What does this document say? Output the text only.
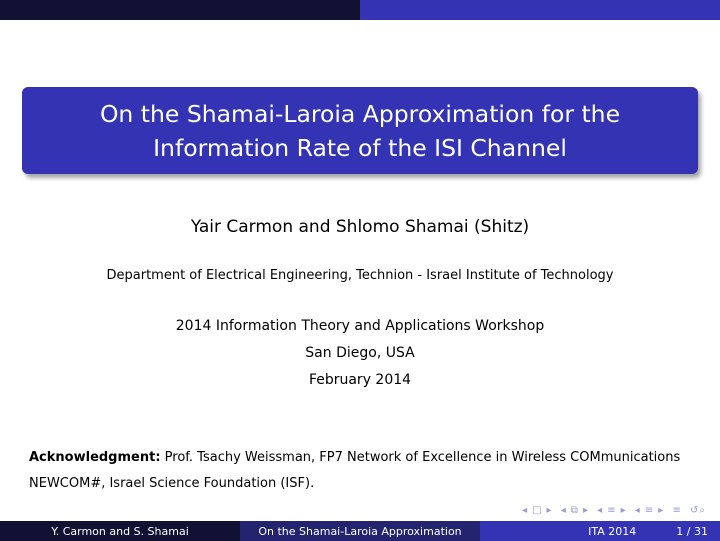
On the Shamai-Laroia Approximation for the
Information Rate of the ISI Channel
Yair Carmon and Shlomo Shamai (Shitz)
Department of Electrical Engineering, Technion - Israel Institute of Technology
2014 Information Theory and Applications Workshop
San Diego, USA
February 2014
Acknowledgment: Prof. Tsachy Weissman, FP7 Network of Excellence in Wireless COMmunications NEWCOM#, Israel Science Foundation (ISF).
◂ □ ▸ ◂ ⧉ ▸ ◂ ≡ ▸ ◂ ≡ ▸ ≡ ↺⌕
Y. Carmon and S. Shamai	On the Shamai-Laroia Approximation	ITA 2014	1 / 31
